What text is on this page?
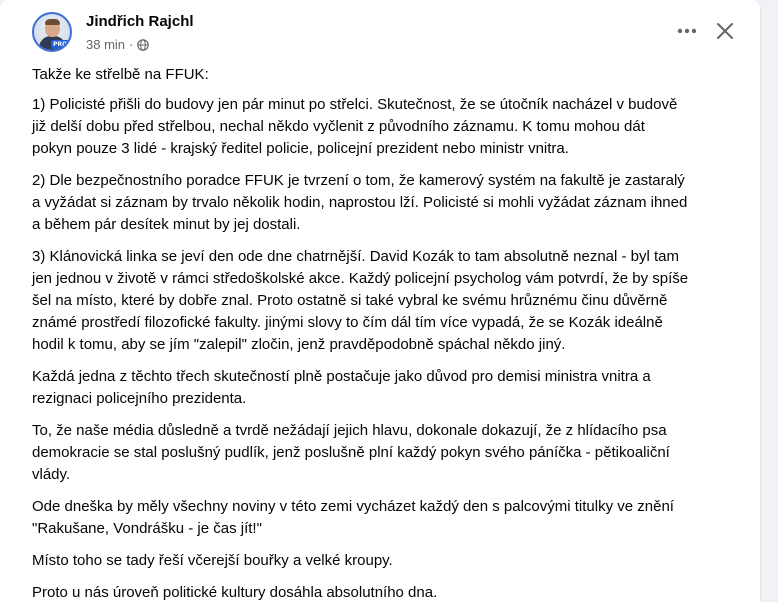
PRO
Jindřich Rajchl
38 min ·

Takže ke střelbě na FFUK:

1) Policisté přišli do budovy jen pár minut po střelci. Skutečnost, že se útočník nacházel v budově
již delší dobu před střelbou, nechal někdo vyčlenit z původního záznamu. K tomu mohou dát
pokyn pouze 3 lidé - krajský ředitel policie, policejní prezident nebo ministr vnitra.

2) Dle bezpečnostního poradce FFUK je tvrzení o tom, že kamerový systém na fakultě je zastaralý
a vyžádat si záznam by trvalo několik hodin, naprostou lží. Policisté si mohli vyžádat záznam ihned
a během pár desítek minut by jej dostali.

3) Klánovická linka se jeví den ode dne chatrnější. David Kozák to tam absolutně neznal - byl tam
jen jednou v životě v rámci středoškolské akce. Každý policejní psycholog vám potvrdí, že by spíše
šel na místo, které by dobře znal. Proto ostatně si také vybral ke svému hrůznému činu důvěrně
známé prostředí filozofické fakulty. jinými slovy to čím dál tím více vypadá, že se Kozák ideálně
hodil k tomu, aby se jím "zalepil" zločin, jenž pravděpodobně spáchal někdo jiný.

Každá jedna z těchto třech skutečností plně postačuje jako důvod pro demisi ministra vnitra a
rezignaci policejního prezidenta.

To, že naše média důsledně a tvrdě nežádají jejich hlavu, dokonale dokazují, že z hlídacího psa
demokracie se stal poslušný pudlík, jenž poslušně plní každý pokyn svého páníčka - pětikoaliční
vlády.

Ode dneška by měly všechny noviny v této zemi vycházet každý den s palcovými titulky ve znění
"Rakušane, Vondrášku - je čas jít!"

Místo toho se tady řeší včerejší bouřky a velké kroupy.

Proto u nás úroveň politické kultury dosáhla absolutního dna.
